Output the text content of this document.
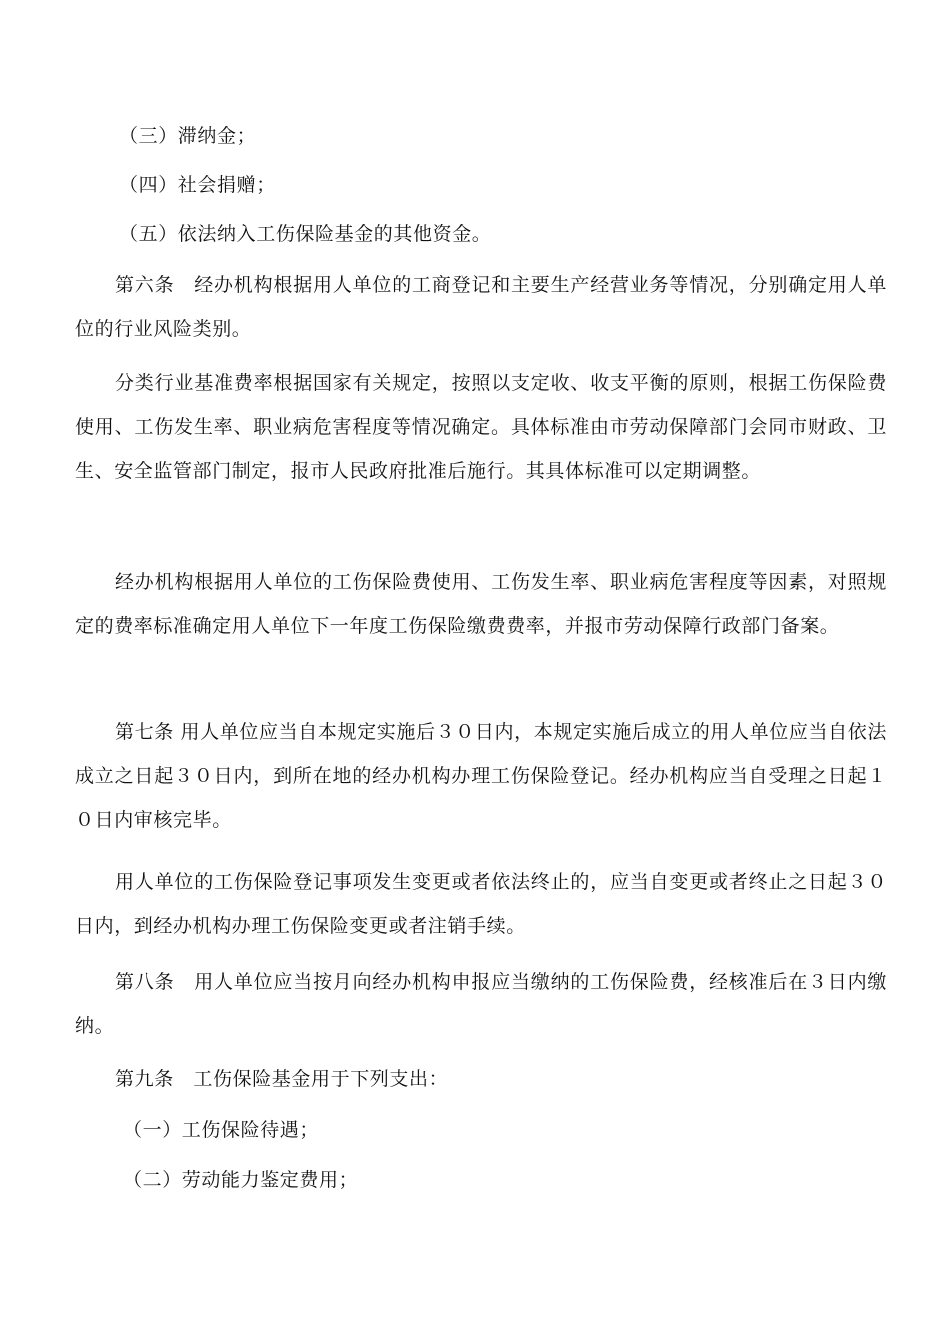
（三）滞纳金；

（四）社会捐赠；

（五）依法纳入工伤保险基金的其他资金。

第六条　经办机构根据用人单位的工商登记和主要生产经营业务等情况，分别确定用人单位的行业风险类别。

分类行业基准费率根据国家有关规定，按照以支定收、收支平衡的原则，根据工伤保险费使用、工伤发生率、职业病危害程度等情况确定。具体标准由市劳动保障部门会同市财政、卫生、安全监管部门制定，报市人民政府批准后施行。其具体标准可以定期调整。

经办机构根据用人单位的工伤保险费使用、工伤发生率、职业病危害程度等因素，对照规定的费率标准确定用人单位下一年度工伤保险缴费费率，并报市劳动保障行政部门备案。

第七条 用人单位应当自本规定实施后３０日内，本规定实施后成立的用人单位应当自依法成立之日起３０日内，到所在地的经办机构办理工伤保险登记。经办机构应当自受理之日起１０日内审核完毕。

用人单位的工伤保险登记事项发生变更或者依法终止的，应当自变更或者终止之日起３０日内，到经办机构办理工伤保险变更或者注销手续。

第八条　用人单位应当按月向经办机构申报应当缴纳的工伤保险费，经核准后在３日内缴纳。

第九条　工伤保险基金用于下列支出：

（一）工伤保险待遇；

（二）劳动能力鉴定费用；
